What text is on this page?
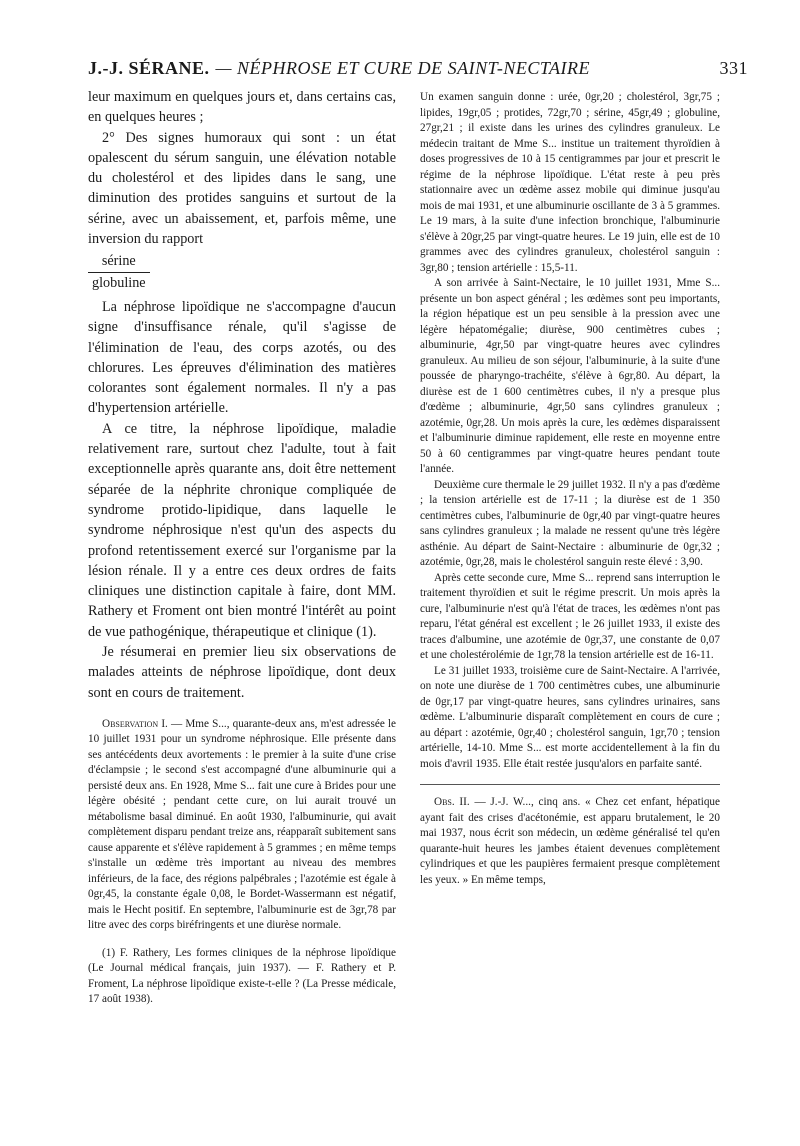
J.-J. SÉRANE. — NÉPHROSE ET CURE DE SAINT-NECTAIRE	331

leur maximum en quelques jours et, dans certains cas, en quelques heures ;

2° Des signes humoraux qui sont : un état opalescent du sérum sanguin, une élévation notable du cholestérol et des lipides dans le sang, une diminution des protides sanguins et surtout de la sérine, avec un abaissement, et, parfois même, une inversion du rapport

$\frac{\text{sérine}}{\text{globuline}}$

La néphrose lipoïdique ne s'accompagne d'aucun signe d'insuffisance rénale, qu'il s'agisse de l'élimination de l'eau, des corps azotés, ou des chlorures. Les épreuves d'élimination des matières colorantes sont également normales. Il n'y a pas d'hypertension artérielle.

A ce titre, la néphrose lipoïdique, maladie relativement rare, surtout chez l'adulte, tout à fait exceptionnelle après quarante ans, doit être nettement séparée de la néphrite chronique compliquée de syndrome protido-lipidique, dans laquelle le syndrome néphrosique n'est qu'un des aspects du profond retentissement exercé sur l'organisme par la lésion rénale. Il y a entre ces deux ordres de faits cliniques une distinction capitale à faire, dont MM. Rathery et Froment ont bien montré l'intérêt au point de vue pathogénique, thérapeutique et clinique (1).

Je résumerai en premier lieu six observations de malades atteints de néphrose lipoïdique, dont deux sont en cours de traitement.

Observation I. — Mme S..., quarante-deux ans, m'est adressée le 10 juillet 1931 pour un syndrome néphrosique. Elle présente dans ses antécédents deux avortements : le premier à la suite d'une crise d'éclampsie ; le second s'est accompagné d'une albuminurie qui a persisté deux ans. En 1928, Mme S... fait une cure à Brides pour une légère obésité ; pendant cette cure, on lui aurait trouvé un métabolisme basal diminué. En août 1930, l'albuminurie, qui avait complètement disparu pendant treize ans, réapparaît subitement sans cause apparente et s'élève rapidement à 5 grammes ; en même temps s'installe un œdème très important au niveau des membres inférieurs, de la face, des régions palpébrales ; l'azotémie est égale à 0gr,45, la constante égale 0,08, le Bordet-Wassermann est négatif, mais le Hecht positif. En septembre, l'albuminurie est de 3gr,78 par litre avec des corps biréfringents et une diurèse normale.

(1) F. Rathery, Les formes cliniques de la néphrose lipoïdique (Le Journal médical français, juin 1937). — F. Rathery et P. Froment, La néphrose lipoïdique existe-t-elle ? (La Presse médicale, 17 août 1938).

Un examen sanguin donne : urée, 0gr,20 ; cholestérol, 3gr,75 ; lipides, 19gr,05 ; protides, 72gr,70 ; sérine, 45gr,49 ; globuline, 27gr,21 ; il existe dans les urines des cylindres granuleux. Le médecin traitant de Mme S... institue un traitement thyroïdien à doses progressives de 10 à 15 centigrammes par jour et prescrit le régime de la néphrose lipoïdique. L'état reste à peu près stationnaire avec un œdème assez mobile qui diminue jusqu'au mois de mai 1931, et une albuminurie oscillante de 3 à 5 grammes. Le 19 mars, à la suite d'une infection bronchique, l'albuminurie s'élève à 20gr,25 par vingt-quatre heures. Le 19 juin, elle est de 10 grammes avec des cylindres granuleux, cholestérol sanguin : 3gr,80 ; tension artérielle : 15,5-11.

A son arrivée à Saint-Nectaire, le 10 juillet 1931, Mme S... présente un bon aspect général ; les œdèmes sont peu importants, la région hépatique est un peu sensible à la pression avec une légère hépatomégalie; diurèse, 900 centimètres cubes ; albuminurie, 4gr,50 par vingt-quatre heures avec cylindres granuleux. Au milieu de son séjour, l'albuminurie, à la suite d'une poussée de pharyngo-trachéite, s'élève à 6gr,80. Au départ, la diurèse est de 1 600 centimètres cubes, il n'y a presque plus d'œdème ; albuminurie, 4gr,50 sans cylindres granuleux ; azotémie, 0gr,28. Un mois après la cure, les œdèmes disparaissent et l'albuminurie diminue rapidement, elle reste en moyenne entre 50 à 60 centigrammes par vingt-quatre heures pendant toute l'année.

Deuxième cure thermale le 29 juillet 1932. Il n'y a pas d'œdème ; la tension artérielle est de 17-11 ; la diurèse est de 1 350 centimètres cubes, l'albuminurie de 0gr,40 par vingt-quatre heures sans cylindres granuleux ; la malade ne ressent qu'une très légère asthénie. Au départ de Saint-Nectaire : albuminurie de 0gr,32 ; azotémie, 0gr,28, mais le cholestérol sanguin reste élevé : 3,90.

Après cette seconde cure, Mme S... reprend sans interruption le traitement thyroïdien et suit le régime prescrit. Un mois après la cure, l'albuminurie n'est qu'à l'état de traces, les œdèmes n'ont pas reparu, l'état général est excellent ; le 26 juillet 1933, il existe des traces d'albumine, une azotémie de 0gr,37, une constante de 0,07 et une cholestérolémie de 1gr,78 la tension artérielle est de 16-11.

Le 31 juillet 1933, troisième cure de Saint-Nectaire. A l'arrivée, on note une diurèse de 1 700 centimètres cubes, une albuminurie de 0gr,17 par vingt-quatre heures, sans cylindres urinaires, sans œdème. L'albuminurie disparaît complètement en cours de cure ; au départ : azotémie, 0gr,40 ; cholestérol sanguin, 1gr,70 ; tension artérielle, 14-10. Mme S... est morte accidentellement à la fin du mois d'avril 1935. Elle était restée jusqu'alors en parfaite santé.

Obs. II. — J.-J. W..., cinq ans. « Chez cet enfant, hépatique ayant fait des crises d'acétonémie, est apparu brutalement, le 20 mai 1937, nous écrit son médecin, un œdème généralisé tel qu'en quarante-huit heures les jambes étaient devenues complètement cylindriques et que les paupières fermaient presque complètement les yeux. » En même temps,
